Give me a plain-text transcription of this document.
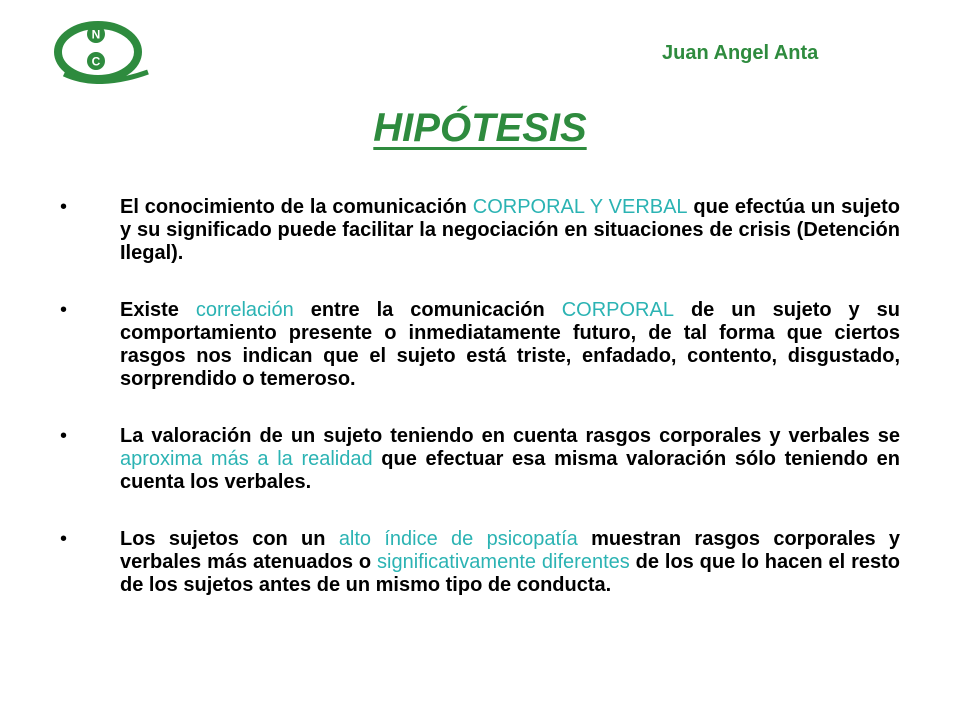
N
C	Juan Angel Anta
HIPÓTESIS
•	El conocimiento de la comunicación CORPORAL Y VERBAL que efectúa un sujeto y su significado puede facilitar la negociación en situaciones de crisis (Detención Ilegal).
•	Existe correlación entre la comunicación CORPORAL de un sujeto y su comportamiento presente o inmediatamente futuro, de tal forma que ciertos rasgos nos indican que el sujeto está triste, enfadado, contento, disgustado, sorprendido o temeroso.
•	La valoración de un sujeto teniendo en cuenta rasgos corporales y verbales se aproxima más a la realidad que efectuar esa misma valoración sólo teniendo en cuenta los verbales.
•	Los sujetos con un alto índice de psicopatía muestran rasgos corporales y verbales más atenuados o significativamente diferentes de los que lo hacen el resto de los sujetos antes de un mismo tipo de conducta.
